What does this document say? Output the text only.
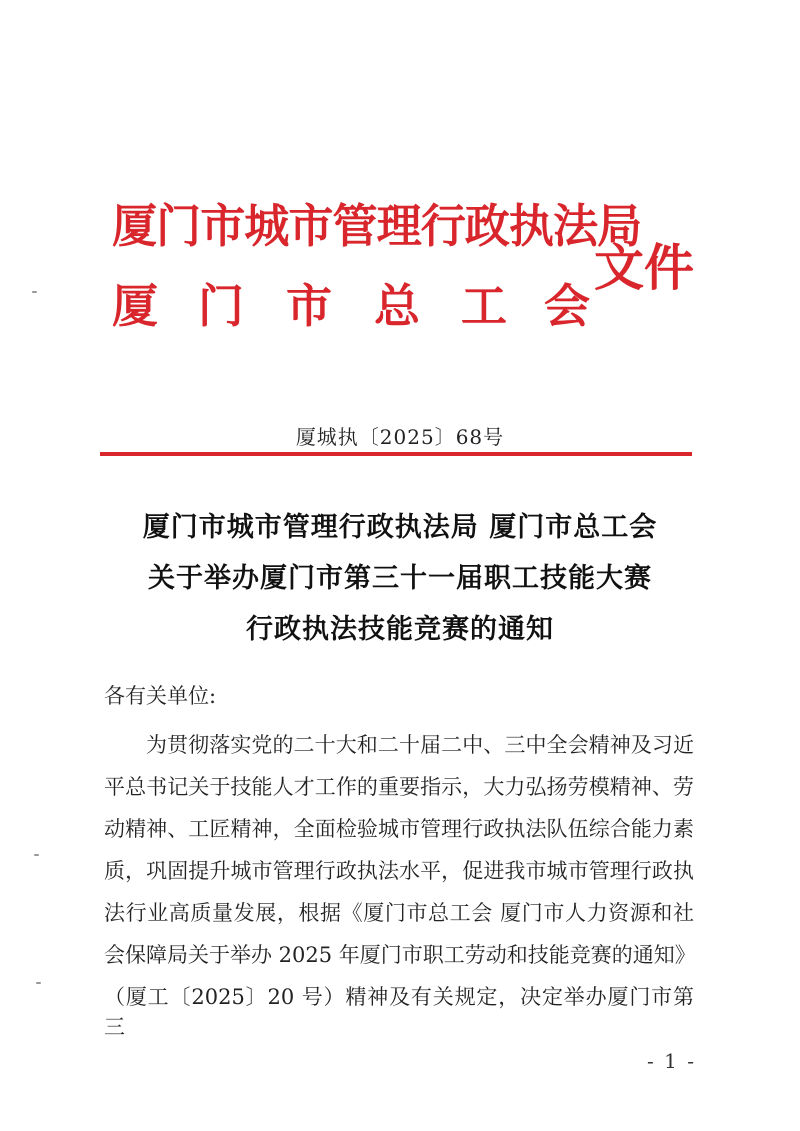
厦门市城市管理行政执法局
厦 门 市 总 工 会
文件
厦城执〔2025〕68号
厦门市城市管理行政执法局 厦门市总工会
关于举办厦门市第三十一届职工技能大赛
行政执法技能竞赛的通知
各有关单位:
为贯彻落实党的二十大和二十届二中、三中全会精神及习近
平总书记关于技能人才工作的重要指示，大力弘扬劳模精神、劳
动精神、工匠精神，全面检验城市管理行政执法队伍综合能力素
质，巩固提升城市管理行政执法水平，促进我市城市管理行政执
法行业高质量发展，根据《厦门市总工会 厦门市人力资源和社
会保障局关于举办 2025 年厦门市职工劳动和技能竞赛的通知》
（厦工〔2025〕20 号）精神及有关规定，决定举办厦门市第三
- 1 -
